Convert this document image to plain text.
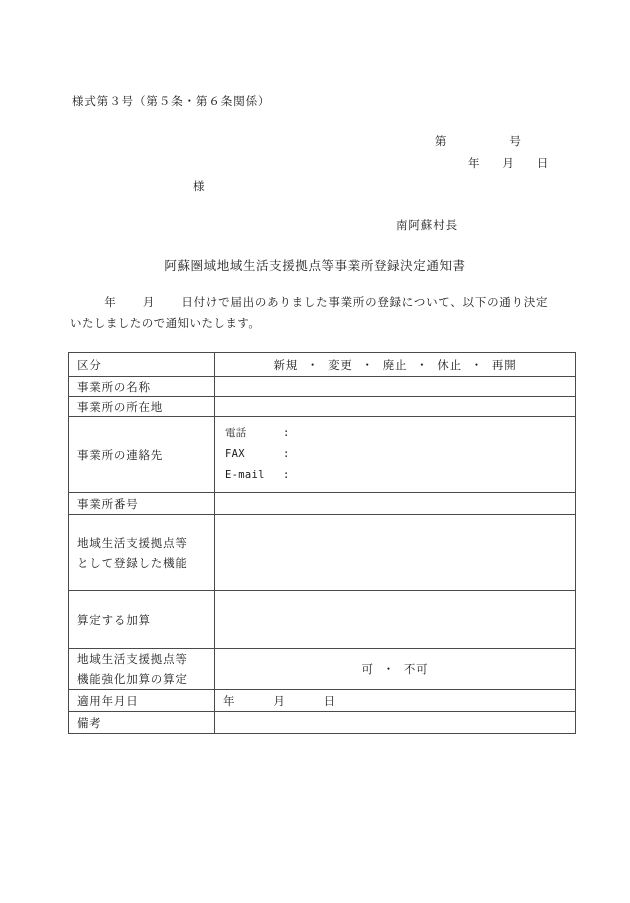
様式第３号（第５条・第６条関係）
第	号
年 月 日
様
南阿蘇村長
阿蘇圏域地域生活支援拠点等事業所登録決定通知書
年 月 日付けで届出のありました事業所の登録について、以下の通り決定いたしましたので通知いたします。
区分	新規 ・ 変更 ・ 廃止 ・ 休止 ・ 再開
事業所の名称	
事業所の所在地	
事業所の連絡先	電話 :
FAX :
E-mail :

事業所番号	

地域生活支援拠点等
として登録した機能	

算定する加算	

地域生活支援拠点等
機能強化加算の算定	可 ・ 不可
適用年月日	年 月 日
備考	
